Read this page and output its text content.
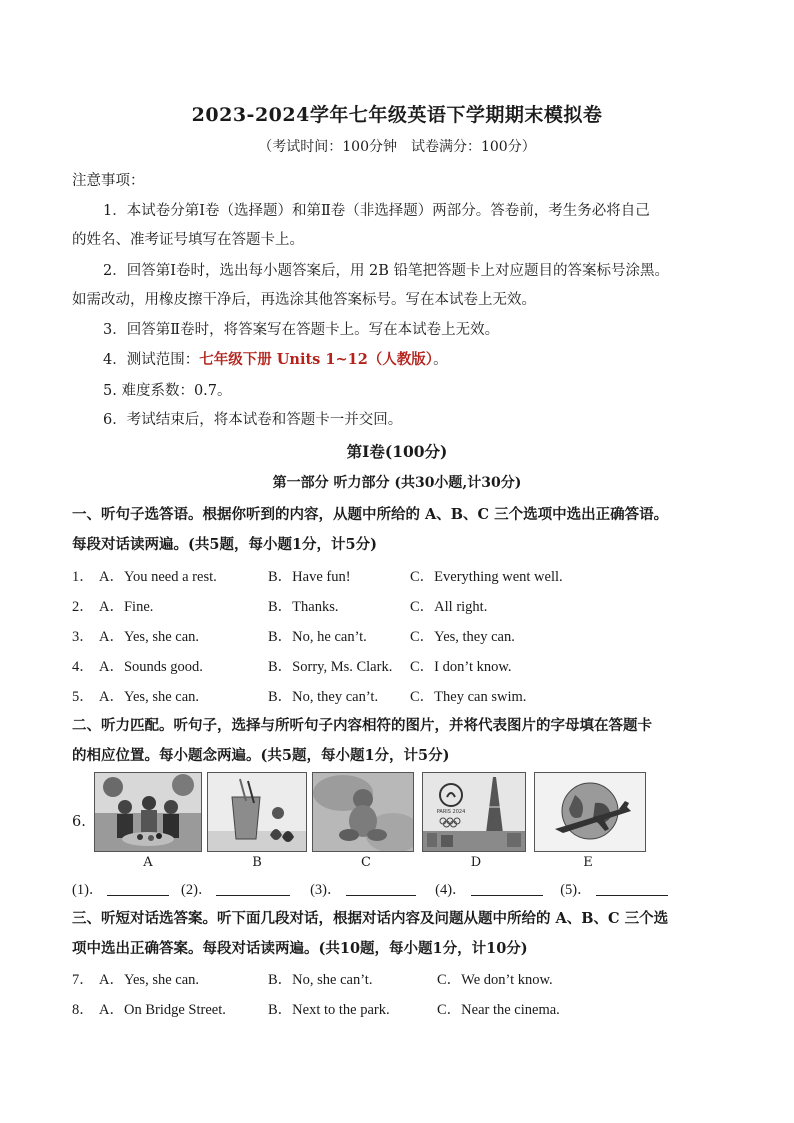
2023-2024学年七年级英语下学期期末模拟卷
（考试时间：100分钟　试卷满分：100分）
注意事项：
1．本试卷分第Ⅰ卷（选择题）和第Ⅱ卷（非选择题）两部分。答卷前，考生务必将自己
的姓名、准考证号填写在答题卡上。
2．回答第Ⅰ卷时，选出每小题答案后，用 2B 铅笔把答题卡上对应题目的答案标号涂黑。
如需改动，用橡皮擦干净后，再选涂其他答案标号。写在本试卷上无效。
3．回答第Ⅱ卷时，将答案写在答题卡上。写在本试卷上无效。
4．测试范围：七年级下册 Units 1~12（人教版）。
5. 难度系数：0.7。
6．考试结束后，将本试卷和答题卡一并交回。
第Ⅰ卷(100分)
第一部分 听力部分 (共30小题,计30分)
一、听句子选答语。根据你听到的内容，从题中所给的 A、B、C 三个选项中选出正确答语。
每段对话读两遍。(共5题，每小题1分，计5分)
1． A．You need a rest.	B．Have fun!	C．Everything went well.
2． A．Fine.	B．Thanks.	C．All right.
3． A．Yes, she can.	B．No, he can’t.	C．Yes, they can.
4． A．Sounds good.	B．Sorry, Ms. Clark. C．I don’t know.
5． A．Yes, she can.	B．No, they can’t. C．They can swim.
二、听力匹配。听句子，选择与所听句子内容相符的图片，并将代表图片的字母填在答题卡
的相应位置。每小题念两遍。(共5题，每小题1分，计5分)
6.
PARIS 2024
A	B	C	D	E
(1)．	(2)．	(3)．	(4)．	(5)．
三、听短对话选答案。听下面几段对话，根据对话内容及问题从题中所给的 A、B、C 三个选
项中选出正确答案。每段对话读两遍。(共10题，每小题1分，计10分)
7． A．Yes, she can.	B．No, she can’t.	C．We don’t know.
8． A．On Bridge Street.	B．Next to the park.	C．Near the cinema.
